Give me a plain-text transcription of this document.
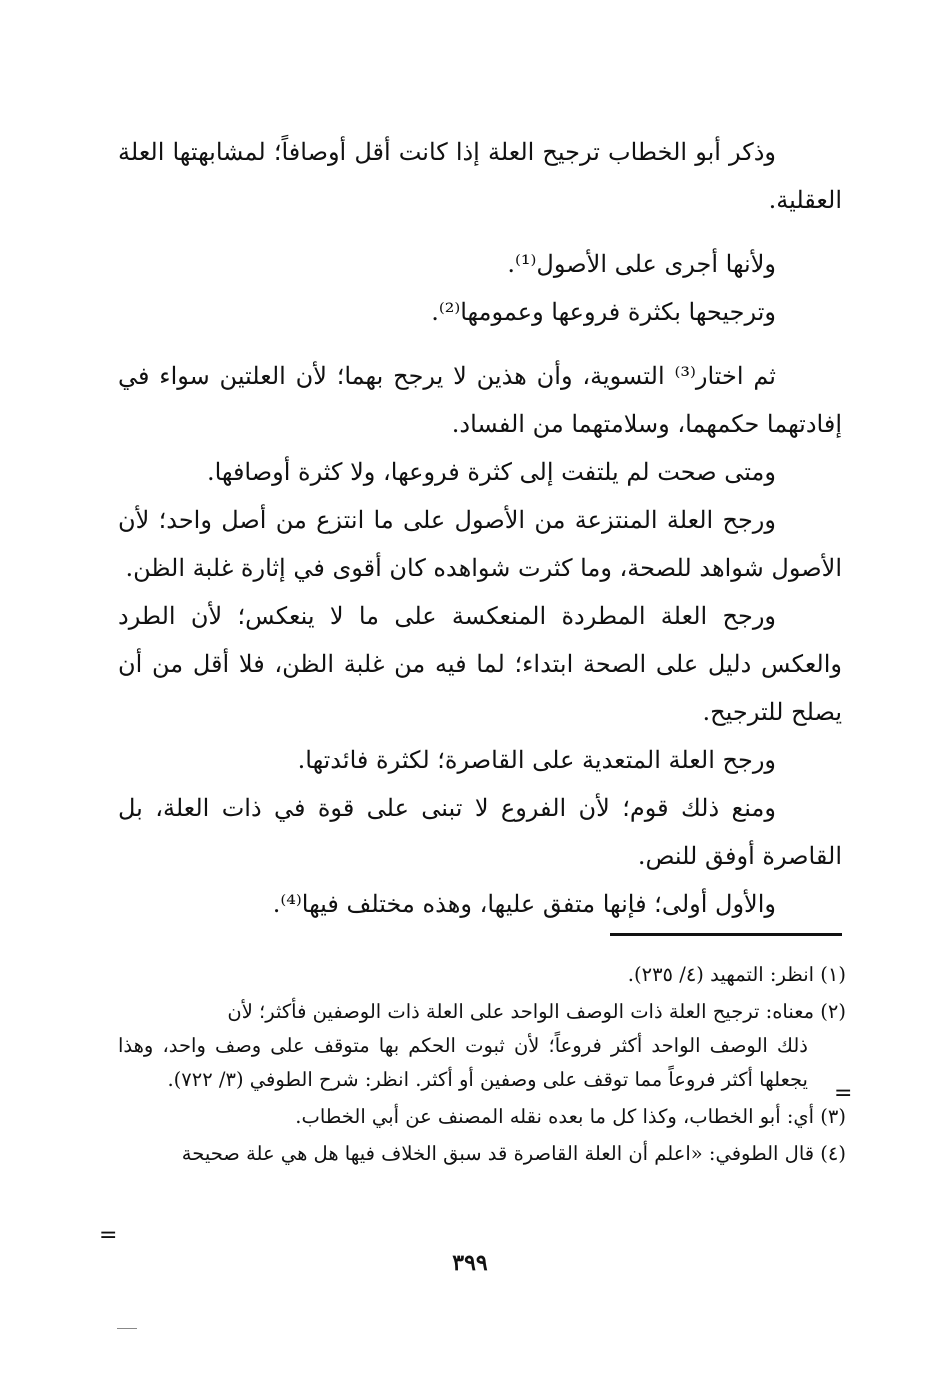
وذكر أبو الخطاب ترجيح العلة إذا كانت أقل أوصافاً؛ لمشابهتها العلة العقلية.

ولأنها أجرى على الأصول⁽¹⁾.

وترجيحها بكثرة فروعها وعمومها⁽²⁾.

ثم اختار⁽³⁾ التسوية، وأن هذين لا يرجح بهما؛ لأن العلتين سواء في إفادتهما حكمهما، وسلامتهما من الفساد.

ومتى صحت لم يلتفت إلى كثرة فروعها، ولا كثرة أوصافها.

ورجح العلة المنتزعة من الأصول على ما انتزع من أصل واحد؛ لأن الأصول شواهد للصحة، وما كثرت شواهده كان أقوى في إثارة غلبة الظن.

ورجح العلة المطردة المنعكسة على ما لا ينعكس؛ لأن الطرد والعكس دليل على الصحة ابتداء؛ لما فيه من غلبة الظن، فلا أقل من أن يصلح للترجيح.

ورجح العلة المتعدية على القاصرة؛ لكثرة فائدتها.

ومنع ذلك قوم؛ لأن الفروع لا تبنى على قوة في ذات العلة، بل القاصرة أوفق للنص.

والأول أولى؛ فإنها متفق عليها، وهذه مختلف فيها⁽⁴⁾.

(١) انظر: التمهيد (٤/ ٢٣٥).

(٢) معناه: ترجيح العلة ذات الوصف الواحد على العلة ذات الوصفين فأكثر؛ لأن

ذلك الوصف الواحد أكثر فروعاً؛ لأن ثبوت الحكم بها متوقف على وصف واحد، وهذا يجعلها أكثر فروعاً مما توقف على وصفين أو أكثر. انظر: شرح الطوفي (٣/ ٧٢٢).

(٣) أي: أبو الخطاب، وكذا كل ما بعده نقله المصنف عن أبي الخطاب.

(٤) قال الطوفي: «اعلم أن العلة القاصرة قد سبق الخلاف فيها هل هي علة صحيحة

=
=
٣٩٩
